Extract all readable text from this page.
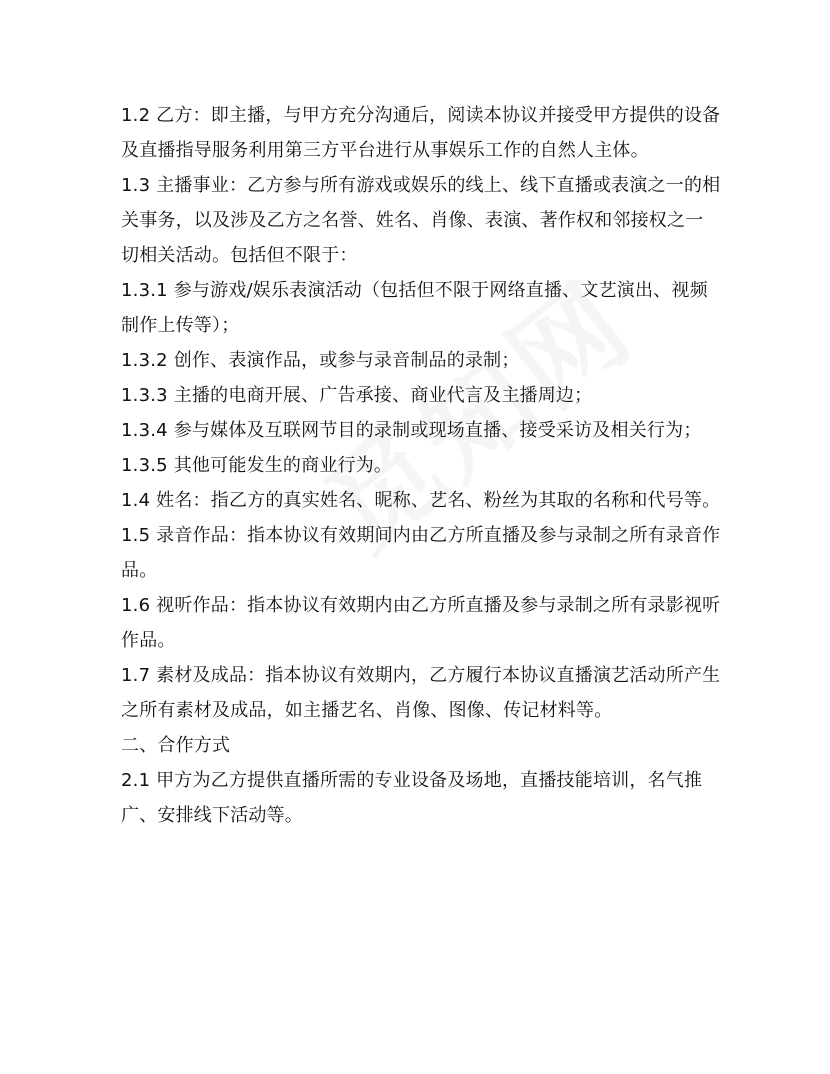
1.2 乙方：即主播，与甲方充分沟通后，阅读本协议并接受甲方提供的设备及直播指导服务利用第三方平台进行从事娱乐工作的自然人主体。

1.3 主播事业：乙方参与所有游戏或娱乐的线上、线下直播或表演之一的相关事务，以及涉及乙方之名誉、姓名、肖像、表演、著作权和邻接权之一切相关活动。包括但不限于：

1.3.1 参与游戏/娱乐表演活动（包括但不限于网络直播、文艺演出、视频制作上传等）；

1.3.2 创作、表演作品，或参与录音制品的录制；

1.3.3 主播的电商开展、广告承接、商业代言及主播周边；

1.3.4 参与媒体及互联网节目的录制或现场直播、接受采访及相关行为；

1.3.5 其他可能发生的商业行为。

1.4 姓名：指乙方的真实姓名、昵称、艺名、粉丝为其取的名称和代号等。

1.5 录音作品：指本协议有效期间内由乙方所直播及参与录制之所有录音作品。

1.6 视听作品：指本协议有效期内由乙方所直播及参与录制之所有录影视听作品。

1.7 素材及成品：指本协议有效期内，乙方履行本协议直播演艺活动所产生之所有素材及成品，如主播艺名、肖像、图像、传记材料等。

二、合作方式

2.1 甲方为乙方提供直播所需的专业设备及场地，直播技能培训，名气推广、安排线下活动等。
